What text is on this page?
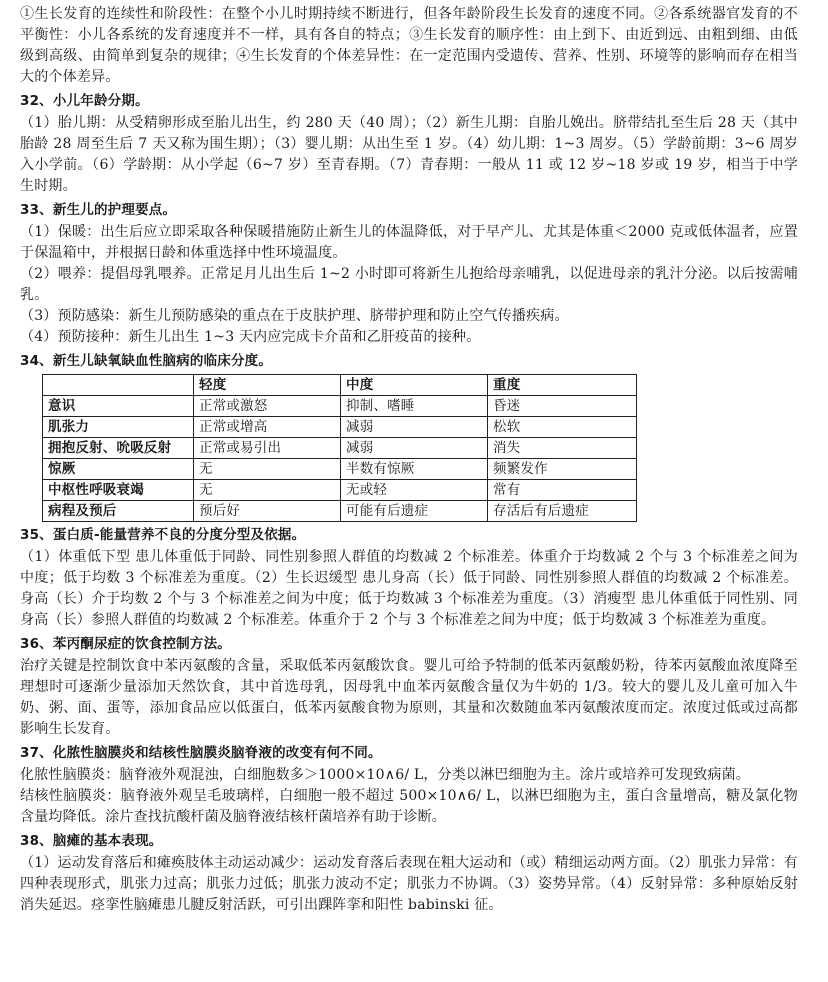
①生长发育的连续性和阶段性：在整个小儿时期持续不断进行，但各年龄阶段生长发育的速度不同。②各系统器官发育的不平衡性：小儿各系统的发育速度并不一样，具有各自的特点；③生长发育的顺序性：由上到下、由近到远、由粗到细、由低级到高级、由简单到复杂的规律；④生长发育的个体差异性：在一定范围内受遗传、营养、性别、环境等的影响而存在相当大的个体差异。

32、小儿年龄分期。

（1）胎儿期：从受精卵形成至胎儿出生，约 280 天（40 周）；（2）新生儿期：自胎儿娩出。脐带结扎至生后 28 天（其中胎龄 28 周至生后 7 天又称为围生期）；（3）婴儿期：从出生至 1 岁。（4）幼儿期：1~3 周岁。（5）学龄前期：3~6 周岁入小学前。（6）学龄期：从小学起（6~7 岁）至青春期。（7）青春期：一般从 11 或 12 岁~18 岁或 19 岁，相当于中学生时期。

33、新生儿的护理要点。

（1）保暖：出生后应立即采取各种保暖措施防止新生儿的体温降低，对于早产儿、尤其是体重＜2000 克或低体温者，应置于保温箱中，并根据日龄和体重选择中性环境温度。

（2）喂养：提倡母乳喂养。正常足月儿出生后 1~2 小时即可将新生儿抱给母亲哺乳，以促进母亲的乳汁分泌。以后按需哺乳。

（3）预防感染：新生儿预防感染的重点在于皮肤护理、脐带护理和防止空气传播疾病。

（4）预防接种：新生儿出生 1~3 天内应完成卡介苗和乙肝疫苗的接种。

34、新生儿缺氧缺血性脑病的临床分度。
	轻度	中度	重度
意识	正常或激怒	抑制、嗜睡	昏迷
肌张力	正常或增高	减弱	松软
拥抱反射、吮吸反射	正常或易引出	减弱	消失
惊厥	无	半数有惊厥	频繁发作
中枢性呼吸衰竭	无	无或轻	常有
病程及预后	预后好	可能有后遗症	存活后有后遗症
35、蛋白质-能量营养不良的分度分型及依据。

（1）体重低下型 患儿体重低于同龄、同性别参照人群值的均数减 2 个标准差。体重介于均数减 2 个与 3 个标准差之间为中度；低于均数 3 个标准差为重度。（2）生长迟缓型 患儿身高（长）低于同龄、同性别参照人群值的均数减 2 个标准差。身高（长）介于均数 2 个与 3 个标准差之间为中度；低于均数减 3 个标准差为重度。（3）消瘦型 患儿体重低于同性别、同身高（长）参照人群值的均数减 2 个标准差。体重介于 2 个与 3 个标准差之间为中度；低于均数减 3 个标准差为重度。

36、苯丙酮尿症的饮食控制方法。

治疗关键是控制饮食中苯丙氨酸的含量，采取低苯丙氨酸饮食。婴儿可给予特制的低苯丙氨酸奶粉，待苯丙氨酸血浓度降至理想时可逐渐少量添加天然饮食，其中首选母乳，因母乳中血苯丙氨酸含量仅为牛奶的 1/3。较大的婴儿及儿童可加入牛奶、粥、面、蛋等，添加食品应以低蛋白，低苯丙氨酸食物为原则，其量和次数随血苯丙氨酸浓度而定。浓度过低或过高都影响生长发育。

37、化脓性脑膜炎和结核性脑膜炎脑脊液的改变有何不同。

化脓性脑膜炎：脑脊液外观混浊，白细胞数多＞1000×10∧6/ L，分类以淋巴细胞为主。涂片或培养可发现致病菌。

结核性脑膜炎：脑脊液外观呈毛玻璃样，白细胞一般不超过 500×10∧6/ L，以淋巴细胞为主，蛋白含量增高，糖及氯化物含量均降低。涂片查找抗酸杆菌及脑脊液结核杆菌培养有助于诊断。

38、脑瘫的基本表现。

（1）运动发育落后和瘫痪肢体主动运动减少：运动发育落后表现在粗大运动和（或）精细运动两方面。（2）肌张力异常：有四种表现形式，肌张力过高；肌张力过低；肌张力波动不定；肌张力不协调。（3）姿势异常。（4）反射异常：多种原始反射消失延迟。痉挛性脑瘫患儿腱反射活跃，可引出踝阵挛和阳性 babinski 征。
